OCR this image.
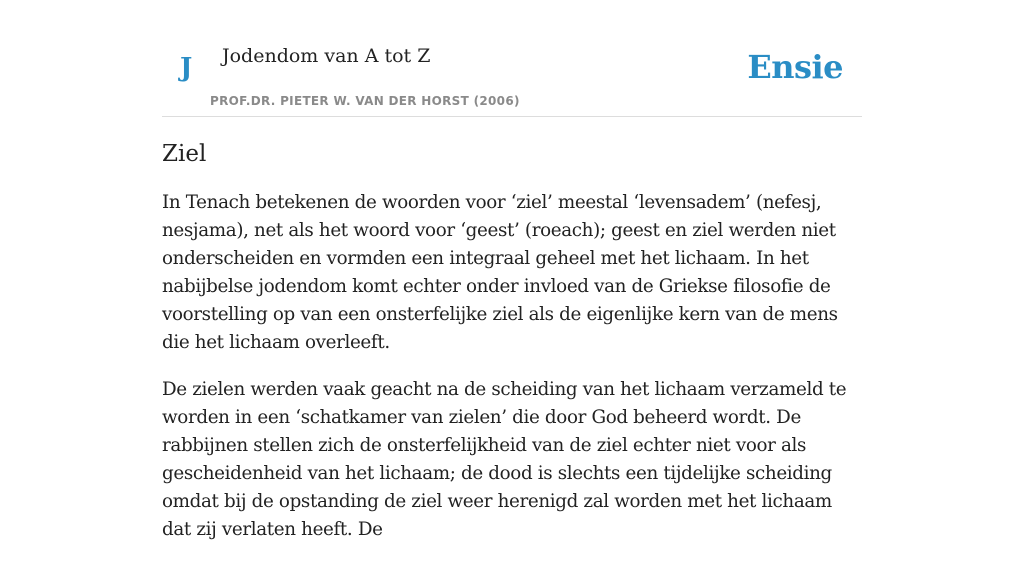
J Jodendom van A tot Z
PROF.DR. PIETER W. VAN DER HORST (2006)
Ensie
Ziel

In Tenach betekenen de woorden voor ‘ziel’ meestal ‘levensadem’ (nefesj, nesjama), net als het woord voor ‘geest’ (roeach); geest en ziel werden niet onderscheiden en vormden een integraal geheel met het lichaam. In het nabijbelse jodendom komt echter onder invloed van de Griekse filosofie de voorstelling op van een onsterfelijke ziel als de eigenlijke kern van de mens die het lichaam overleeft.

De zielen werden vaak geacht na de scheiding van het lichaam verzameld te worden in een ‘schatkamer van zielen’ die door God beheerd wordt. De rabbijnen stellen zich de onsterfelijkheid van de ziel echter niet voor als gescheidenheid van het lichaam; de dood is slechts een tijdelijke scheiding omdat bij de opstanding de ziel weer herenigd zal worden met het lichaam dat zij verlaten heeft. De
